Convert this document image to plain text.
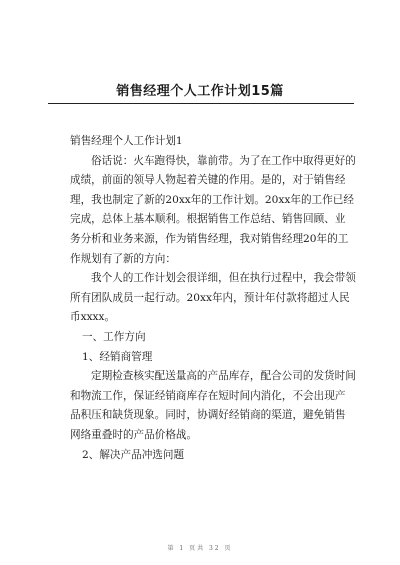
销售经理个人工作计划15篇

销售经理个人工作计划1

俗话说：火车跑得快，靠前带。为了在工作中取得更好的成绩，前面的领导人物起着关键的作用。是的，对于销售经理，我也制定了新的20xx年的工作计划。20xx年的工作已经完成，总体上基本顺利。根据销售工作总结、销售回顾、业务分析和业务来源，作为销售经理，我对销售经理20年的工作规划有了新的方向：

我个人的工作计划会很详细，但在执行过程中，我会带领所有团队成员一起行动。20xx年内，预计年付款将超过人民币xxxx。

一、工作方向

1、经销商管理

定期检查核实配送量高的产品库存，配合公司的发货时间和物流工作，保证经销商库存在短时间内消化，不会出现产品积压和缺货现象。同时，协调好经销商的渠道，避免销售网络重叠时的产品价格战。

2、解决产品冲选问题

第 1 页共 32 页
